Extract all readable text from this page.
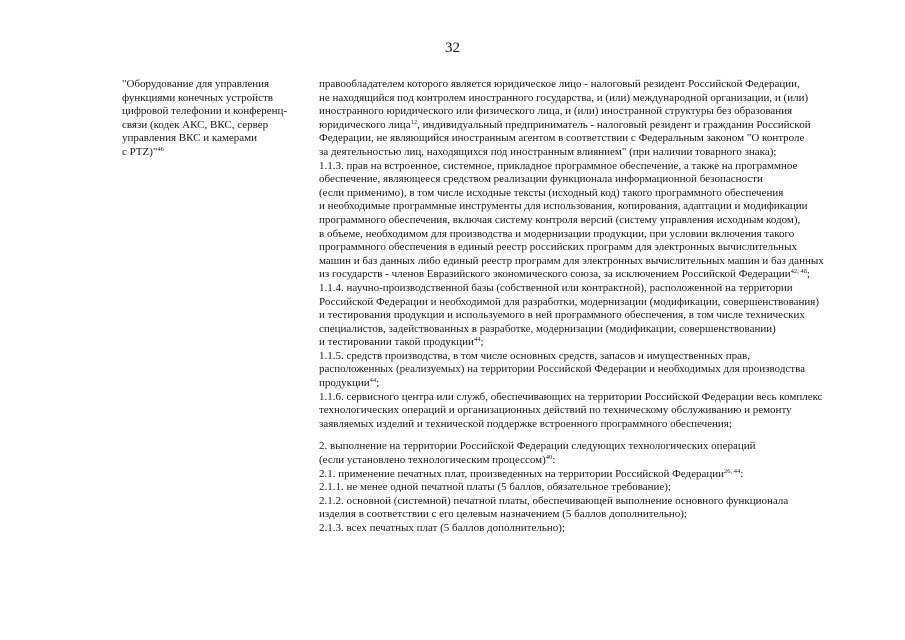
32
"Оборудование для управления
функциями конечных устройств
цифровой телефонии и конференц-
связи (кодек АКС, ВКС, сервер
управления ВКС и камерами
с PTZ)"$^{46}$
правообладателем которого является юридическое лицо - налоговый резидент Российской Федерации,
не находящийся под контролем иностранного государства, и (или) международной организации, и (или)
иностранного юридического или физического лица, и (или) иностранной структуры без образования
юридического лица$^{12}$, индивидуальный предприниматель - налоговый резидент и гражданин Российской
Федерации, не являющийся иностранным агентом в соответствии с Федеральным законом "О контроле
за деятельностью лиц, находящихся под иностранным влиянием" (при наличии товарного знака);
1.1.3. прав на встроенное, системное, прикладное программное обеспечение, а также на программное
обеспечение, являющееся средством реализации функционала информационной безопасности
(если применимо), в том числе исходные тексты (исходный код) такого программного обеспечения
и необходимые программные инструменты для использования, копирования, адаптации и модификации
программного обеспечения, включая систему контроля версий (систему управления исходным кодом),
в объеме, необходимом для производства и модернизации продукции, при условии включения такого
программного обеспечения в единый реестр российских программ для электронных вычислительных
машин и баз данных либо единый реестр программ для электронных вычислительных машин и баз данных
из государств - членов Евразийского экономического союза, за исключением Российской Федерации$^{42, 48}$;
1.1.4. научно-производственной базы (собственной или контрактной), расположенной на территории
Российской Федерации и необходимой для разработки, модернизации (модификации, совершенствования)
и тестирования продукции и используемого в ней программного обеспечения, в том числе технических
специалистов, задействованных в разработке, модернизации (модификации, совершенствовании)
и тестировании такой продукции$^{44}$;
1.1.5. средств производства, в том числе основных средств, запасов и имущественных прав,
расположенных (реализуемых) на территории Российской Федерации и необходимых для производства
продукции$^{44}$;
1.1.6. сервисного центра или служб, обеспечивающих на территории Российской Федерации весь комплекс
технологических операций и организационных действий по техническому обслуживанию и ремонту
заявляемых изделий и технической поддержке встроенного программного обеспечения;
2. выполнение на территории Российской Федерации следующих технологических операций
(если установлено технологическим процессом)$^{40}$:
2.1. применение печатных плат, произведенных на территории Российской Федерации$^{26, 44}$:
2.1.1. не менее одной печатной платы (5 баллов, обязательное требование);
2.1.2. основной (системной) печатной платы, обеспечивающей выполнение основного функционала
изделия в соответствии с его целевым назначением (5 баллов дополнительно);
2.1.3. всех печатных плат (5 баллов дополнительно);
